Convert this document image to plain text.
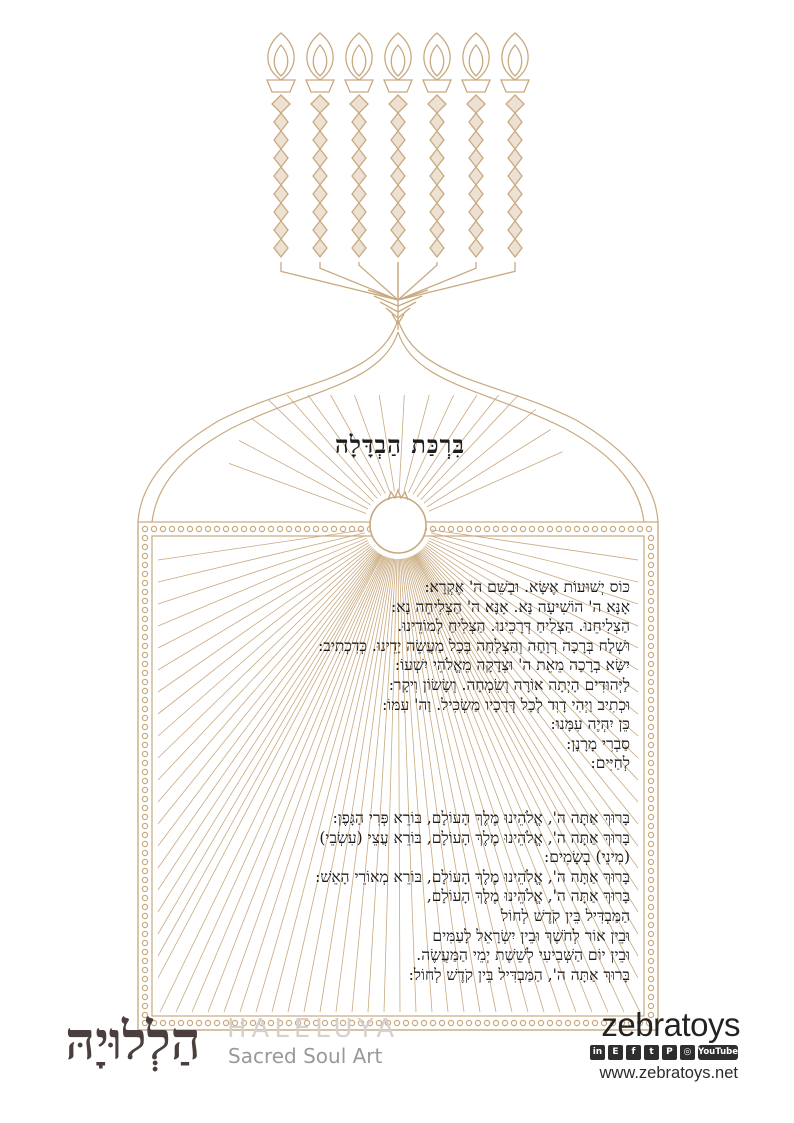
בִּרְכַּת הַבְדָּלָה
כּוֹס יְשׁוּעוֹת אֶשָּׂא. וּבְשֵׁם ה' אֶקְרָא:
אָנָּא ה' הוֹשִׁיעָה נָּא. אָנָּא ה' הַצְלִיחָה נָא:
הַצְלִיחֵנוּ. הַצְלִיחַ דְּרָכֵינוּ. הַצְלִיחַ לְמוֹדֵינוּ.
וּשְׁלַח בְּרָכָה רְוָחָה וְהַצְלָחָה בְּכָל מַעֲשֵׂה יָדֵינוּ. כְּדִכְתִיב:
יִשָּׂא בְרָכָה מֵאֵת ה' וּצְדָקָה מֵאֱלֹהֵי יִשְׁעוֹ:
לַיְּהוּדִים הָיְתָה אוֹרָה וְשִׂמְחָה. וְשָׂשׂוֹן וִיקָר:
וּכְתִיב וַיְהִי דָוִד לְכָל דְּרָכָיו מַשְׂכִּיל. וַה' עִמּוֹ:
כֵּן יִהְיֶה עִמָּנוּ:
סַבְרִי מָרָנָן:
לְחַיִּים:
בָּרוּךְ אַתָּה ה', אֱלֹהֵינוּ מֶלֶךְ הָעוֹלָם, בּוֹרֵא פְּרִי הַגָּפֶן:
בָּרוּךְ אַתָּה ה', אֱלֹהֵינוּ מֶלֶךְ הָעוֹלָם, בּוֹרֵא עֲצֵי (עִשְׂבֵי)
(מִינֵי) בְשָׂמִים:
בָּרוּךְ אַתָּה ה', אֱלֹהֵינוּ מֶלֶךְ הָעוֹלָם, בּוֹרֵא מְאוֹרֵי הָאֵשׁ:
בָּרוּךְ אַתָּה ה', אֱלֹהֵינוּ מֶלֶךְ הָעוֹלָם,
הַמַּבְדִּיל בֵּין קֹדֶשׁ לְחוֹל
וּבֵין אוֹר לְחֹשֶׁךְ וּבֵין יִשְׂרָאֵל לָעַמִּים
וּבֵין יוֹם הַשְּׁבִיעִי לְשֵׁשֶׁת יְמֵי הַמַּעֲשֶׂה.
בָּרוּךְ אַתָּה ה', הַמַּבְדִּיל בֵּין קֹדֶשׁ לְחוֹל:
הַלְלוּיָהּ	HALELUYA
Sacred Soul Art
zebratoys
in	E	f	t	P	◎ YouTube
www.zebratoys.net
